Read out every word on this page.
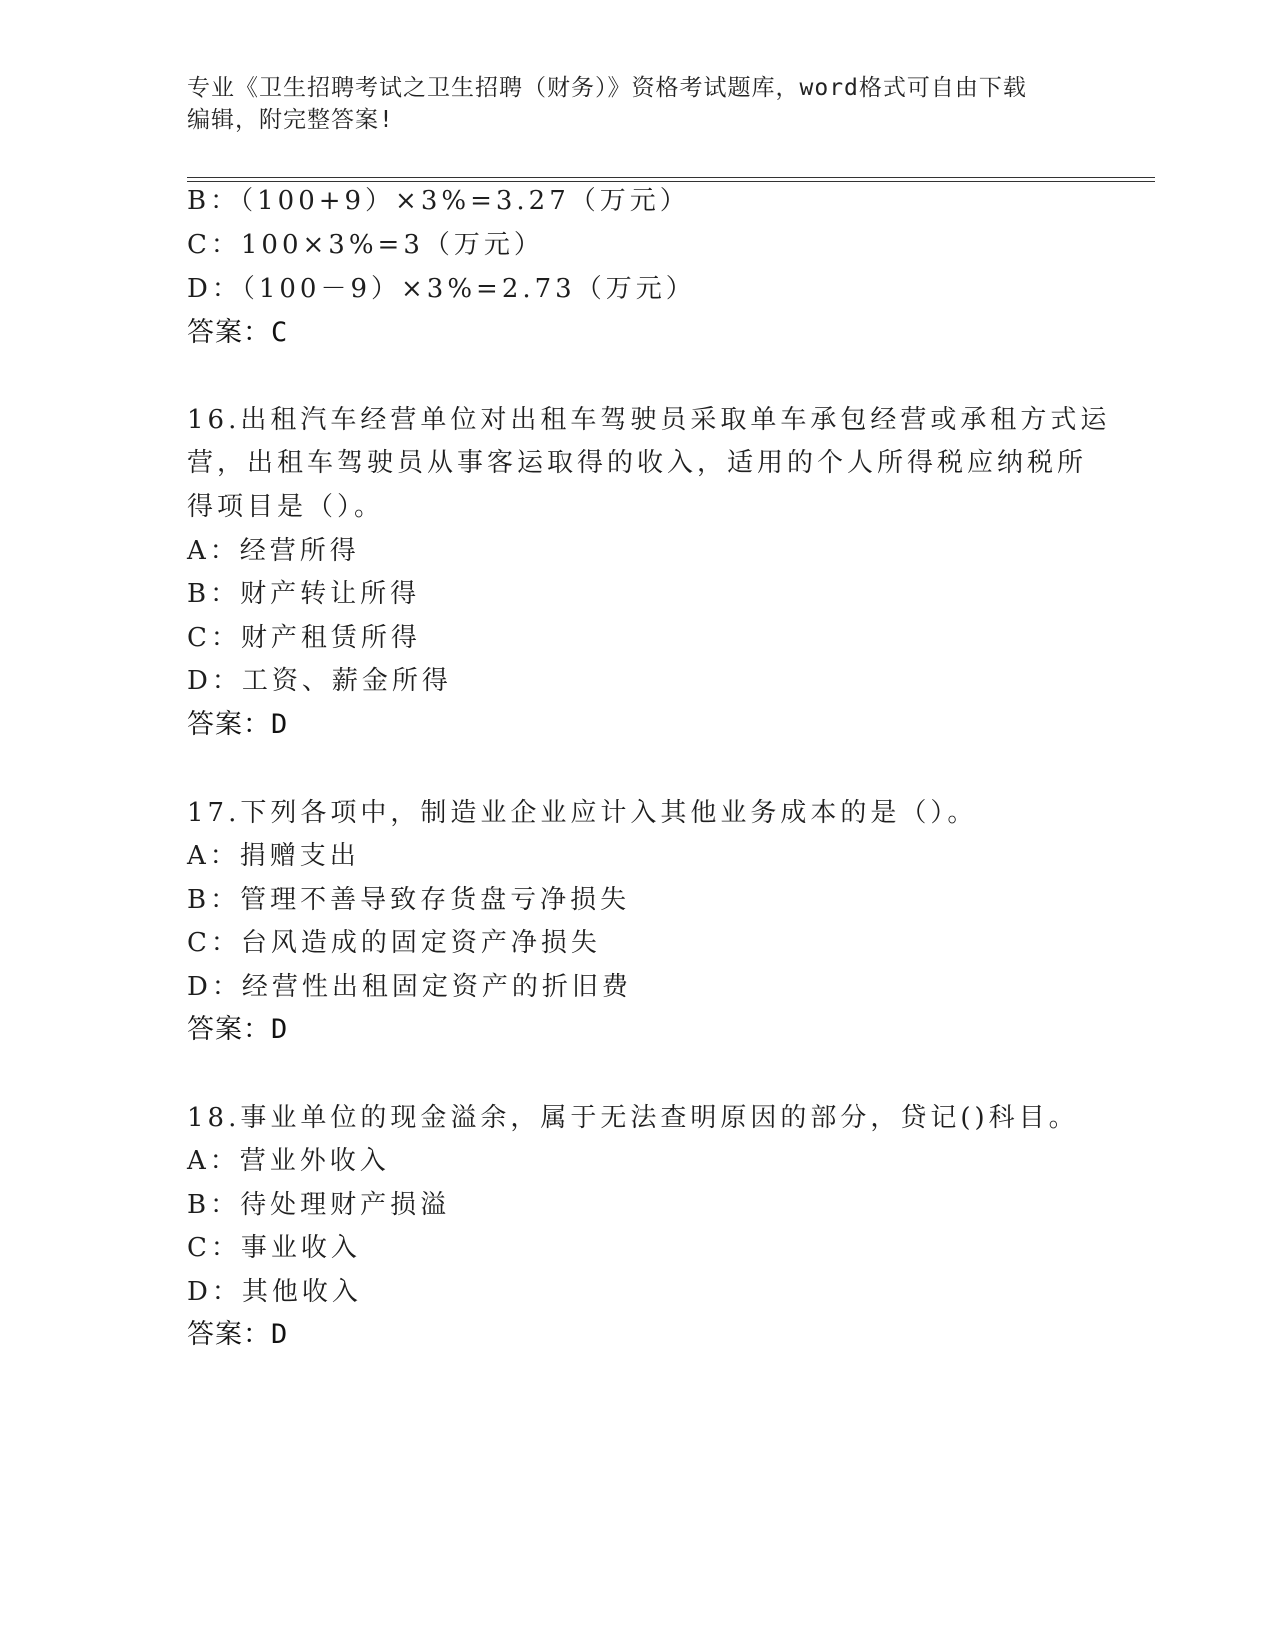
专业《卫生招聘考试之卫生招聘（财务）》资格考试题库，word格式可自由下载
编辑，附完整答案!
B：（100+9）×3%=3.27（万元）
C：100×3%=3（万元）
D：（100－9）×3%=2.73（万元）
答案：C
16.出租汽车经营单位对出租车驾驶员采取单车承包经营或承租方式运
营，出租车驾驶员从事客运取得的收入，适用的个人所得税应纳税所
得项目是（）。
A：经营所得
B：财产转让所得
C：财产租赁所得
D：工资、薪金所得
答案：D
17.下列各项中，制造业企业应计入其他业务成本的是（）。
A：捐赠支出
B：管理不善导致存货盘亏净损失
C：台风造成的固定资产净损失
D：经营性出租固定资产的折旧费
答案：D
18.事业单位的现金溢余，属于无法查明原因的部分，贷记()科目。
A：营业外收入
B：待处理财产损溢
C：事业收入
D：其他收入
答案：D
